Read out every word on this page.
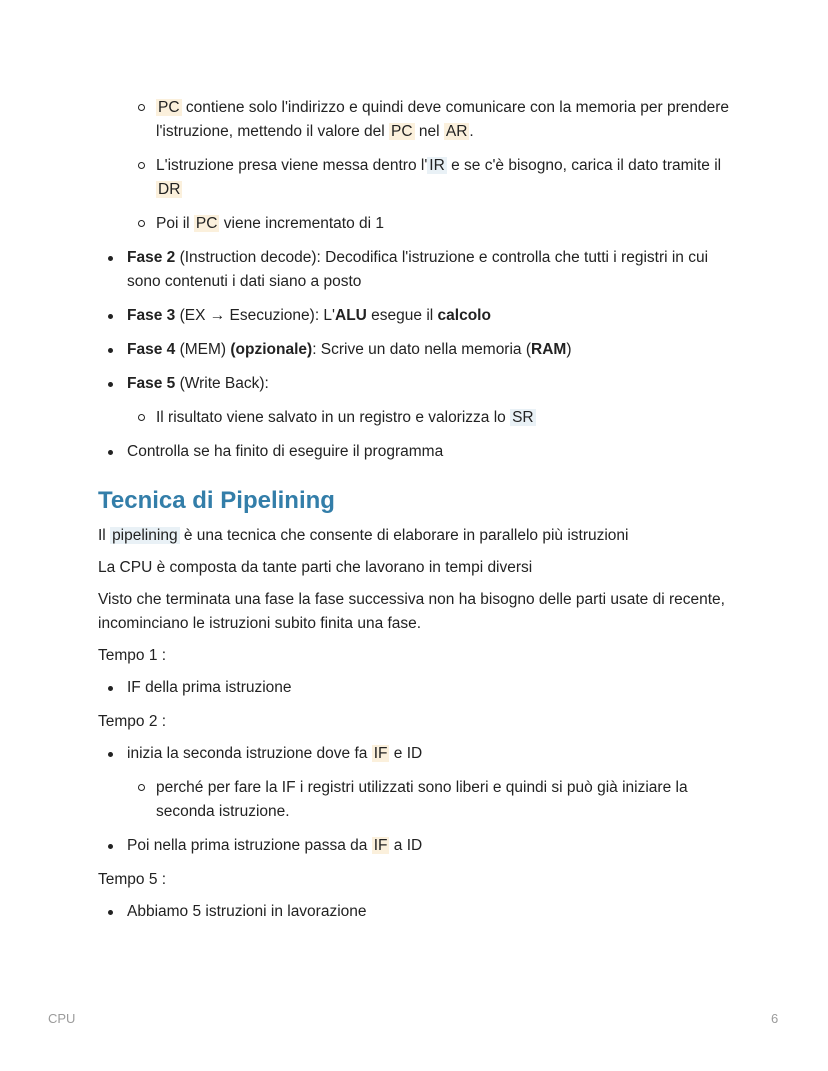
PC contiene solo l'indirizzo e quindi deve comunicare con la memoria per prendere l'istruzione, mettendo il valore del PC nel AR .
L'istruzione presa viene messa dentro l' IR e se c'è bisogno, carica il dato tramite il DR
Poi il PC viene incrementato di 1
Fase 2 (Instruction decode): Decodifica l'istruzione e controlla che tutti i registri in cui sono contenuti i dati siano a posto
Fase 3 (EX → Esecuzione): L'ALU esegue il calcolo
Fase 4 (MEM) (opzionale): Scrive un dato nella memoria (RAM)
Fase 5 (Write Back):
Il risultato viene salvato in un registro e valorizza lo SR
Controlla se ha finito di eseguire il programma
Tecnica di Pipelining

Il pipelining è una tecnica che consente di elaborare in parallelo più istruzioni

La CPU è composta da tante parti che lavorano in tempi diversi

Visto che terminata una fase la fase successiva non ha bisogno delle parti usate di recente, incominciano le istruzioni subito finita una fase.

Tempo 1 :

IF della prima istruzione

Tempo 2 :

inizia la seconda istruzione dove fa IF e ID
perché per fare la IF i registri utilizzati sono liberi e quindi si può già iniziare la seconda istruzione.
Poi nella prima istruzione passa da IF a ID

Tempo 5 :

Abbiamo 5 istruzioni in lavorazione
CPU	6
